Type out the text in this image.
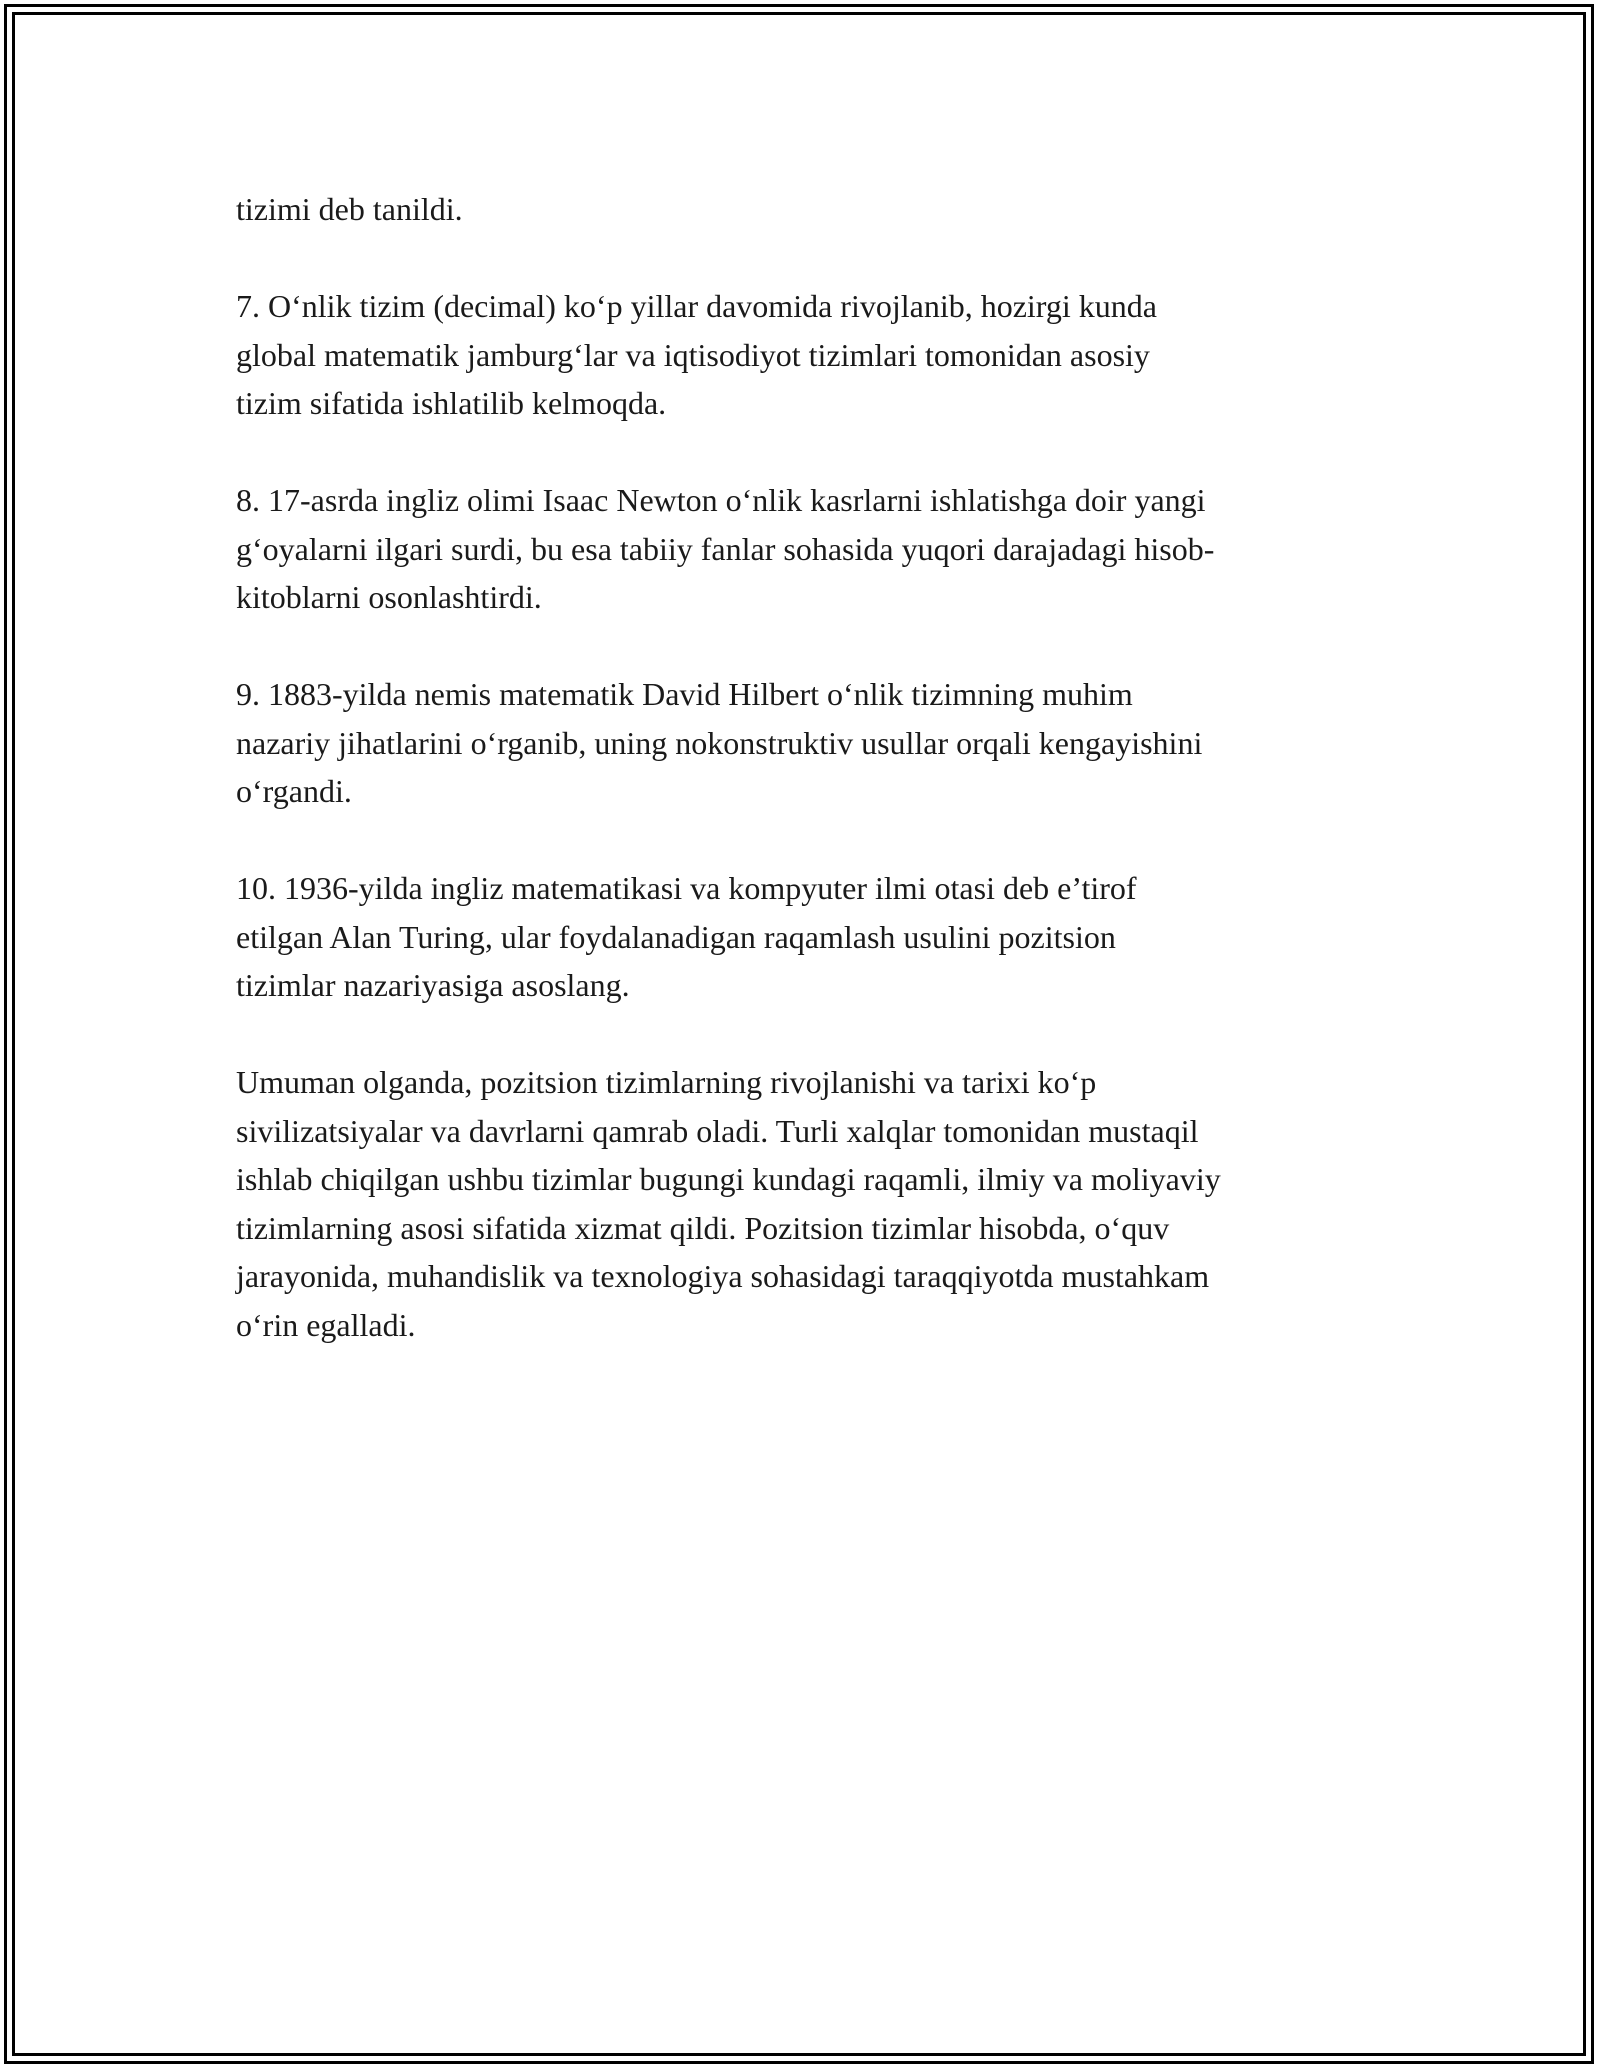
tizimi deb tanildi.

7. O‘nlik tizim (decimal) ko‘p yillar davomida rivojlanib, hozirgi kunda
global matematik jamburg‘lar va iqtisodiyot tizimlari tomonidan asosiy
tizim sifatida ishlatilib kelmoqda.

8. 17-asrda ingliz olimi Isaac Newton o‘nlik kasrlarni ishlatishga doir yangi
g‘oyalarni ilgari surdi, bu esa tabiiy fanlar sohasida yuqori darajadagi hisob-
kitoblarni osonlashtirdi.

9. 1883-yilda nemis matematik David Hilbert o‘nlik tizimning muhim
nazariy jihatlarini o‘rganib, uning nokonstruktiv usullar orqali kengayishini
o‘rgandi.

10. 1936-yilda ingliz matematikasi va kompyuter ilmi otasi deb e’tirof
etilgan Alan Turing, ular foydalanadigan raqamlash usulini pozitsion
tizimlar nazariyasiga asoslang.

Umuman olganda, pozitsion tizimlarning rivojlanishi va tarixi ko‘p
sivilizatsiyalar va davrlarni qamrab oladi. Turli xalqlar tomonidan mustaqil
ishlab chiqilgan ushbu tizimlar bugungi kundagi raqamli, ilmiy va moliyaviy
tizimlarning asosi sifatida xizmat qildi. Pozitsion tizimlar hisobda, o‘quv
jarayonida, muhandislik va texnologiya sohasidagi taraqqiyotda mustahkam
o‘rin egalladi.
